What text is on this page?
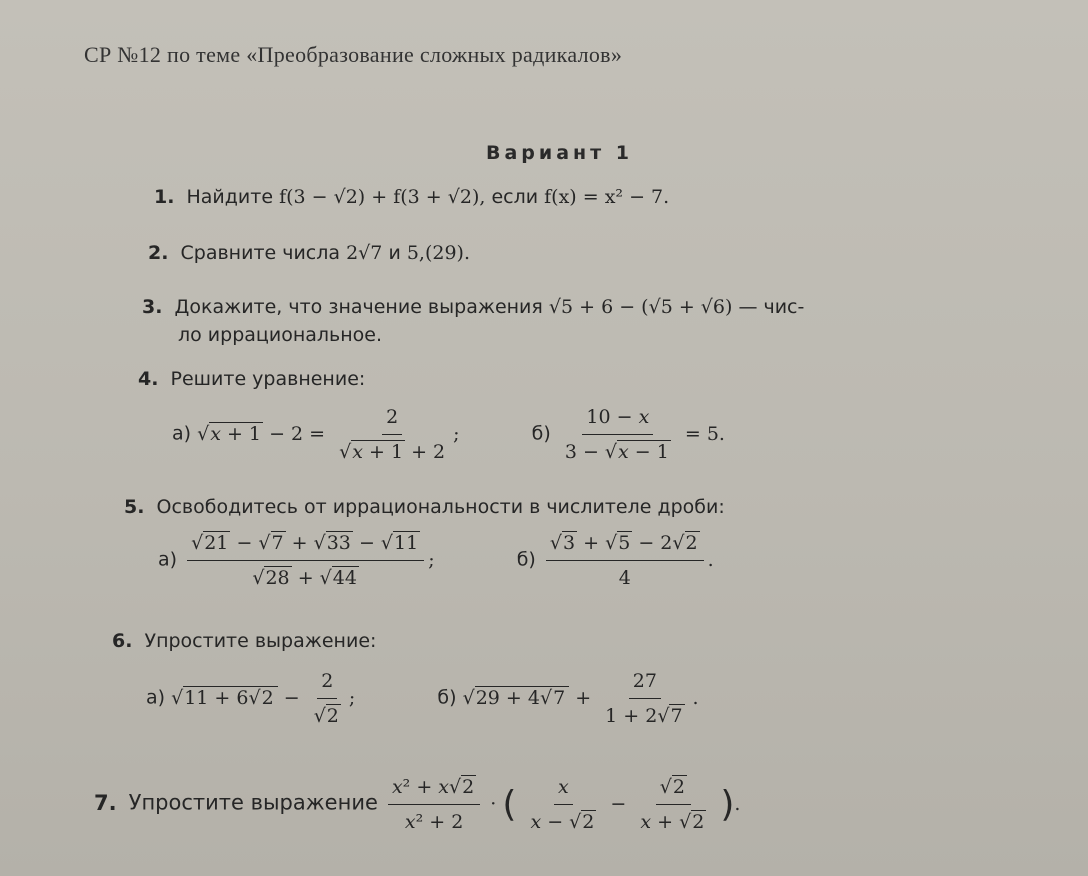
СР №12 по теме «Преобразование сложных радикалов»
Вариант 1
1. Найдите f(3 − √2) + f(3 + √2), если f(x) = x² − 7.
2. Сравните числа 2√7 и 5,(29).
3. Докажите, что значение выражения √5 + 6 − (√5 + √6) — чис-
ло иррациональное.
4. Решите уравнение:
а) $√x + 1 - 2 = \frac{2}{√x + 1 + 2}$ ;	$б) \frac{10 - x}{3 - √x - 1} = 5$.
5. Освободитесь от иррациональности в числителе дроби:
$а) \frac{√21 - √7 + √33 - √11}{√28 + √44}$ ;	$б) \frac{√3 + √5 - 2√2}{4}$ .
6. Упростите выражение:
а) $√11 + 6√2 - \frac{2}{√2}$ ;	б) $√29 + 4√7 + \frac{27}{1 + 2√7}$ .
7. Упростите выражение $\frac{\text{x² + x√2}}{\text{x² + 2}}$ · ( $\frac{x}{x - √2} - \frac{√2}{x + √2}$ ).
